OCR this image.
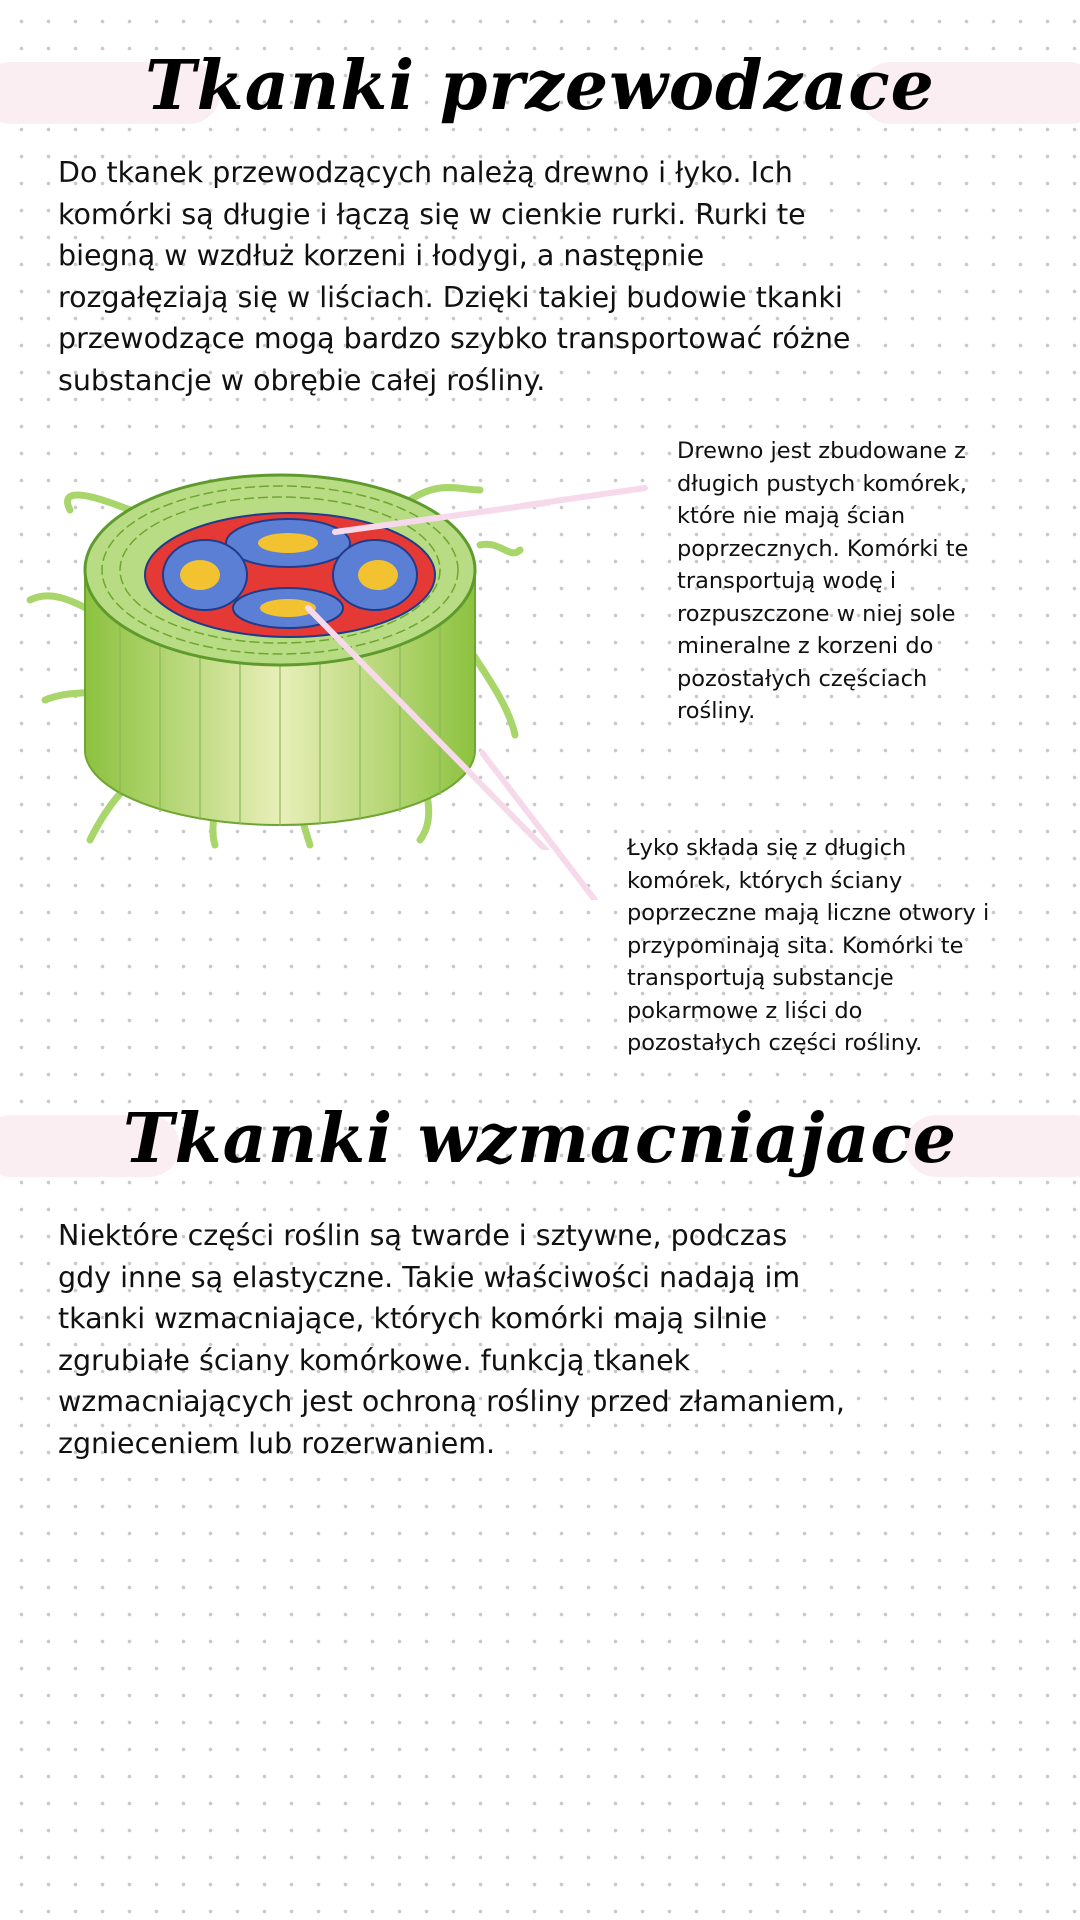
Tkanki przewodzace
Do tkanek przewodzących należą drewno i łyko. Ich
komórki są długie i łączą się w cienkie rurki. Rurki te
biegną w wzdłuż korzeni i łodygi, a następnie
rozgałęziają się w liściach. Dzięki takiej budowie tkanki
przewodzące mogą bardzo szybko transportować różne
substancje w obrębie całej rośliny.
Drewno jest zbudowane z
długich pustych komórek,
które nie mają ścian
poprzecznych. Komórki te
transportują wodę i
rozpuszczone w niej sole
mineralne z korzeni do
pozostałych częściach
rośliny.
Łyko składa się z długich
komórek, których ściany
poprzeczne mają liczne otwory i
przypominają sita. Komórki te
transportują substancje
pokarmowe z liści do
pozostałych części rośliny.
Tkanki wzmacniajace
Niektóre części roślin są twarde i sztywne, podczas
gdy inne są elastyczne. Takie właściwości nadają im
tkanki wzmacniające, których komórki mają silnie
zgrubiałe ściany komórkowe. funkcją tkanek
wzmacniających jest ochroną rośliny przed złamaniem,
zgnieceniem lub rozerwaniem.
